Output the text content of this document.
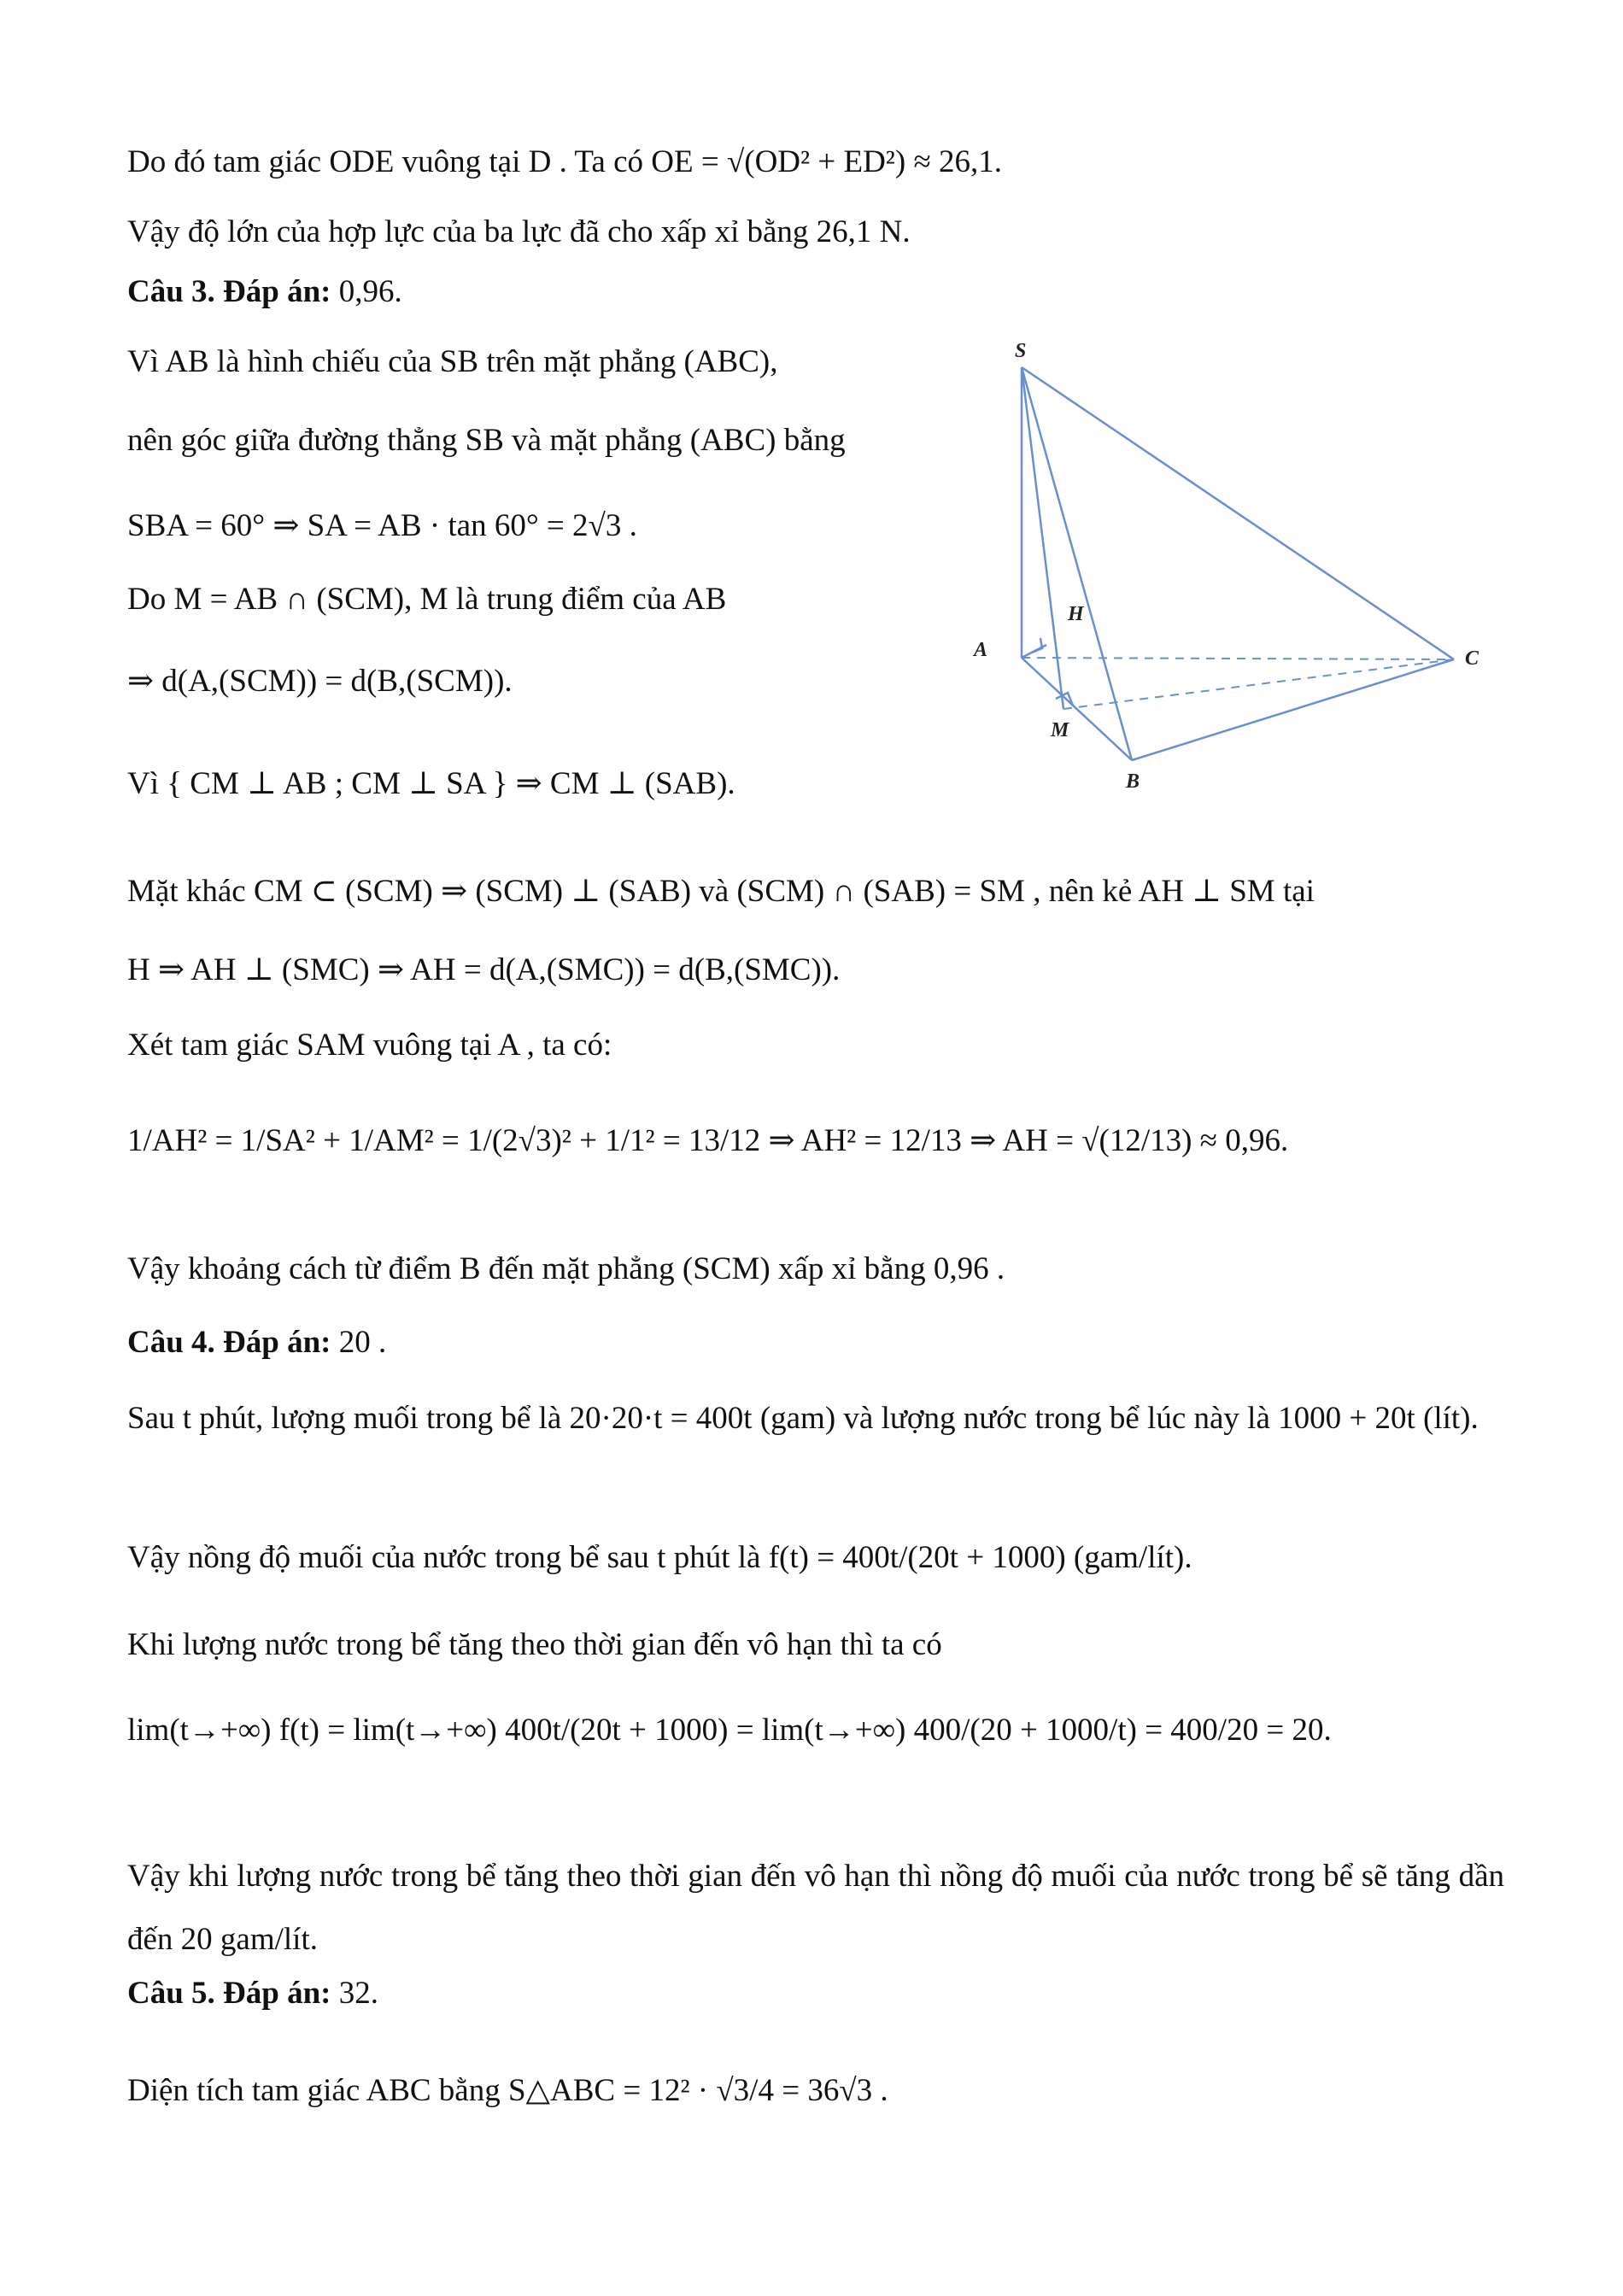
Do đó tam giác ODE vuông tại D . Ta có OE = √(OD² + ED²) ≈ 26,1.
Vậy độ lớn của hợp lực của ba lực đã cho xấp xỉ bằng 26,1 N.
Câu 3. Đáp án: 0,96.
Vì AB là hình chiếu của SB trên mặt phẳng (ABC),
nên góc giữa đường thẳng SB và mặt phẳng (ABC) bằng
SBA = 60° ⇒ SA = AB · tan 60° = 2√3 .
Do M = AB ∩ (SCM), M là trung điểm của AB
⇒ d(A,(SCM)) = d(B,(SCM)).
Vì { CM ⊥ AB ; CM ⊥ SA } ⇒ CM ⊥ (SAB).
Mặt khác CM ⊂ (SCM) ⇒ (SCM) ⊥ (SAB) và (SCM) ∩ (SAB) = SM , nên kẻ AH ⊥ SM tại
H ⇒ AH ⊥ (SMC) ⇒ AH = d(A,(SMC)) = d(B,(SMC)).
Xét tam giác SAM vuông tại A , ta có:
1/AH² = 1/SA² + 1/AM² = 1/(2√3)² + 1/1² = 13/12 ⇒ AH² = 12/13 ⇒ AH = √(12/13) ≈ 0,96.
Vậy khoảng cách từ điểm B đến mặt phẳng (SCM) xấp xỉ bằng 0,96 .
Câu 4. Đáp án: 20 .
Sau t phút, lượng muối trong bể là 20·20·t = 400t (gam) và lượng nước trong bể lúc này là 1000 + 20t (lít).
Vậy nồng độ muối của nước trong bể sau t phút là f(t) = 400t/(20t + 1000) (gam/lít).
Khi lượng nước trong bể tăng theo thời gian đến vô hạn thì ta có
lim(t→+∞) f(t) = lim(t→+∞) 400t/(20t + 1000) = lim(t→+∞) 400/(20 + 1000/t) = 400/20 = 20.
Vậy khi lượng nước trong bể tăng theo thời gian đến vô hạn thì nồng độ muối của nước trong bể sẽ tăng dần đến 20 gam/lít.
Câu 5. Đáp án: 32.
Diện tích tam giác ABC bằng S△ABC = 12² · √3/4 = 36√3 .
S
A
B
C
M
H
